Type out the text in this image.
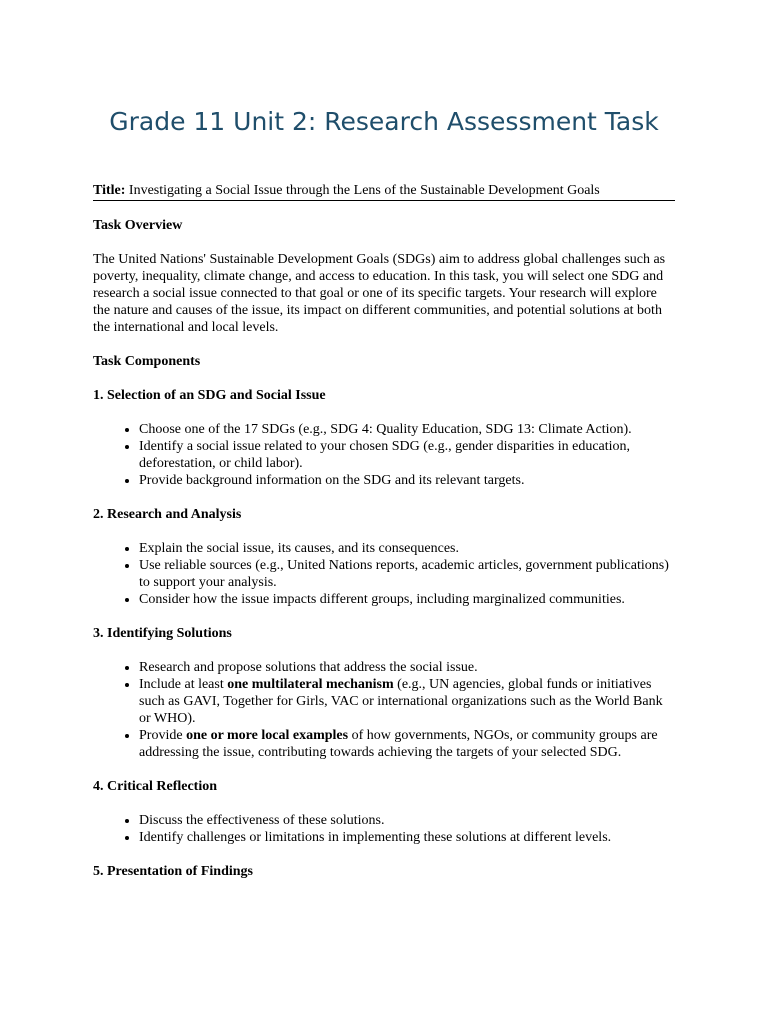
Grade 11 Unit 2: Research Assessment Task
Title: Investigating a Social Issue through the Lens of the Sustainable Development Goals
Task Overview

The United Nations' Sustainable Development Goals (SDGs) aim to address global challenges such as poverty, inequality, climate change, and access to education. In this task, you will select one SDG and research a social issue connected to that goal or one of its specific targets. Your research will explore the nature and causes of the issue, its impact on different communities, and potential solutions at both the international and local levels.

Task Components
1. Selection of an SDG and Social Issue
• Choose one of the 17 SDGs (e.g., SDG 4: Quality Education, SDG 13: Climate Action).
• Identify a social issue related to your chosen SDG (e.g., gender disparities in education, deforestation, or child labor).
• Provide background information on the SDG and its relevant targets.
2. Research and Analysis
• Explain the social issue, its causes, and its consequences.
• Use reliable sources (e.g., United Nations reports, academic articles, government publications) to support your analysis.
• Consider how the issue impacts different groups, including marginalized communities.
3. Identifying Solutions
• Research and propose solutions that address the social issue.
• Include at least one multilateral mechanism (e.g., UN agencies, global funds or initiatives such as GAVI, Together for Girls, VAC or international organizations such as the World Bank or WHO).
• Provide one or more local examples of how governments, NGOs, or community groups are addressing the issue, contributing towards achieving the targets of your selected SDG.
4. Critical Reflection
• Discuss the effectiveness of these solutions.
• Identify challenges or limitations in implementing these solutions at different levels.
5. Presentation of Findings
